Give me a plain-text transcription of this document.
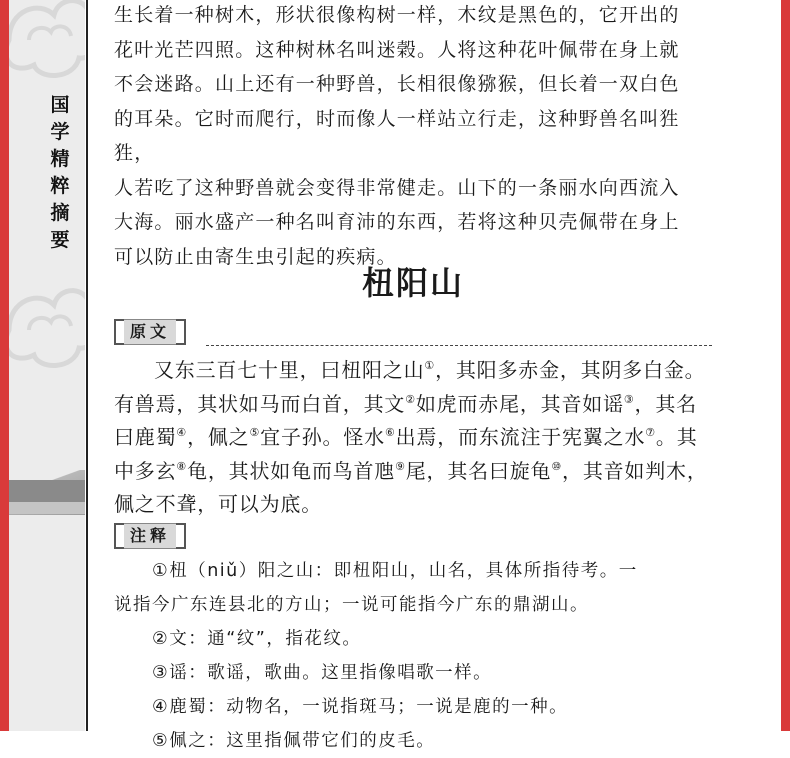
国
学
精
粹
摘
要
生长着一种树木，形状很像构树一样，木纹是黑色的，它开出的
花叶光芒四照。这种树林名叫迷榖。人将这种花叶佩带在身上就
不会迷路。山上还有一种野兽，长相很像猕猴，但长着一双白色
的耳朵。它时而爬行，时而像人一样站立行走，这种野兽名叫狌狌，
人若吃了这种野兽就会变得非常健走。山下的一条丽水向西流入
大海。丽水盛产一种名叫育沛的东西，若将这种贝壳佩带在身上
可以防止由寄生虫引起的疾病。
杻阳山
原文

又东三百七十里，曰杻阳之山①，其阳多赤金，其阴多白金。有兽焉，其状如马而白首，其文②如虎而赤尾，其音如谣③，其名曰鹿蜀④，佩之⑤宜子孙。怪水⑥出焉，而东流注于宪翼之水⑦。其中多玄⑧龟，其状如龟而鸟首虺⑨尾，其名曰旋龟⑩，其音如判木，佩之不聋，可以为底。

注释
①杻（niǔ）阳之山：即杻阳山，山名，具体所指待考。一
说指今广东连县北的方山；一说可能指今广东的鼎湖山。
②文：通“纹”，指花纹。
③谣：歌谣，歌曲。这里指像唱歌一样。
④鹿蜀：动物名，一说指斑马；一说是鹿的一种。
⑤佩之：这里指佩带它们的皮毛。
